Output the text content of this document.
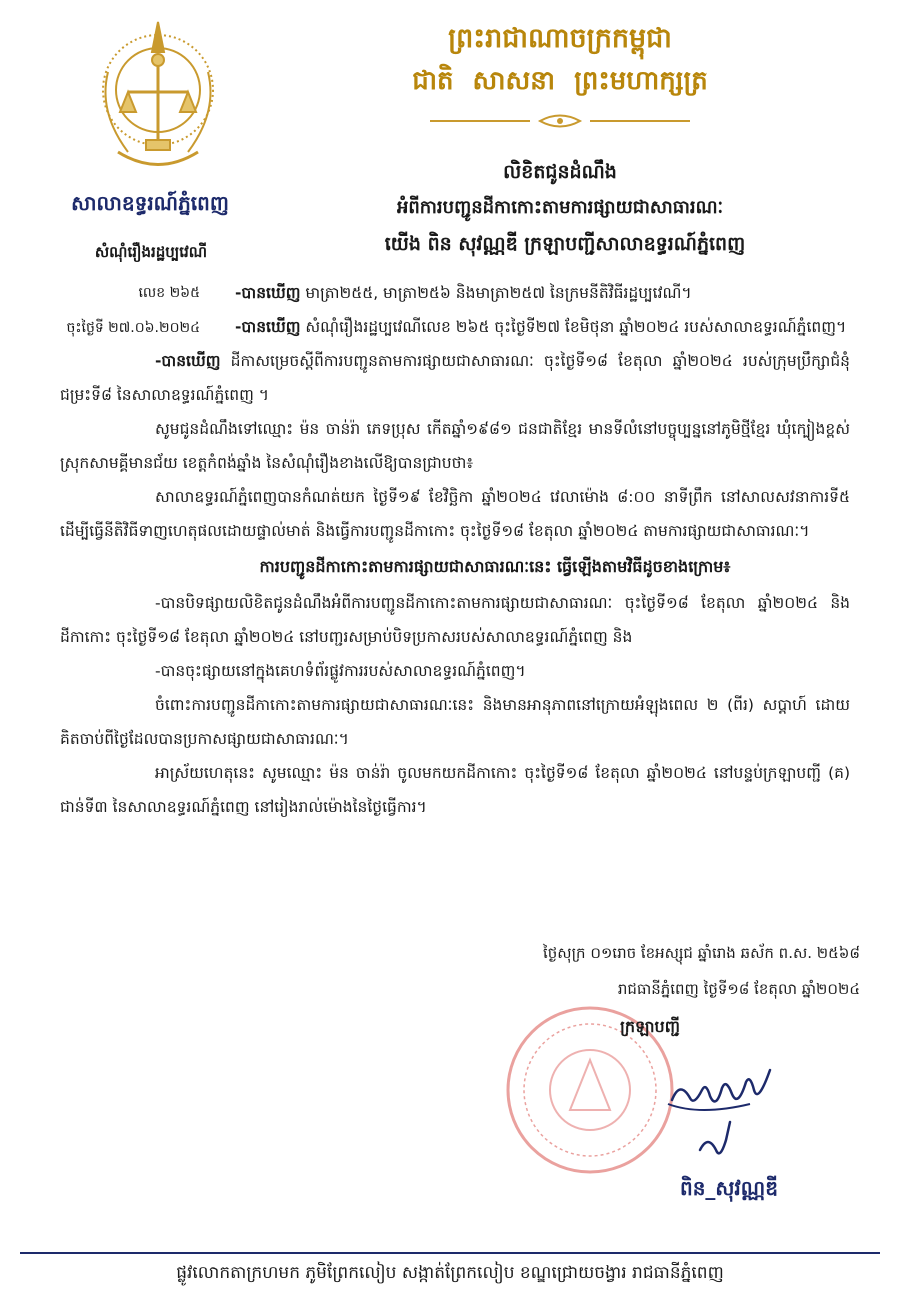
ព្រះរាជាណាចក្រកម្ពុជា
ជាតិ សាសនា ព្រះមហាក្សត្រ
សាលាឧទ្ធរណ៍ភ្នំពេញ
សំណុំរឿងរដ្ឋប្បវេណី
លេខ ២៦៥
ចុះថ្ងៃទី ២៧.០៦.២០២៤
លិខិតជូនដំណឹង
អំពីការបញ្ជូនដីកាកោះតាមការផ្សាយជាសាធារណៈ
យើង ពិន សុវណ្ណឌី ក្រឡាបញ្ជីសាលាឧទ្ធរណ៍ភ្នំពេញ

-បានឃើញ មាត្រា២៥៥, មាត្រា២៥៦ និងមាត្រា២៥៧ នៃក្រមនីតិវិធីរដ្ឋប្បវេណី។

-បានឃើញ សំណុំរឿងរដ្ឋប្បវេណីលេខ ២៦៥ ចុះថ្ងៃទី២៧ ខែមិថុនា ឆ្នាំ២០២៤ របស់សាលាឧទ្ធរណ៍ភ្នំពេញ។

-បានឃើញ ដីកាសម្រេចស្តីពីការបញ្ជូនតាមការផ្សាយជាសាធារណៈ ចុះថ្ងៃទី១៨ ខែតុលា ឆ្នាំ២០២៤ របស់ក្រុមប្រឹក្សាជំនុំជម្រះទី៨ នៃសាលាឧទ្ធរណ៍ភ្នំពេញ ។

សូមជូនដំណឹងទៅឈ្មោះ ម៉ន ចាន់រ៉ា ភេទប្រុស កើតឆ្នាំ១៩៨១ ជនជាតិខ្មែរ មានទីលំនៅបច្ចុប្បន្ននៅភូមិថ្មីខ្មែរ ឃុំក្បៀងខ្ពស់ ស្រុកសាមគ្គីមានជ័យ ខេត្តកំពង់ឆ្នាំង នៃសំណុំរឿងខាងលើឱ្យបានជ្រាបថា៖

សាលាឧទ្ធរណ៍ភ្នំពេញបានកំណត់យក ថ្ងៃទី១៩ ខែវិច្ឆិកា ឆ្នាំ២០២៤ វេលាម៉ោង ៨:០០ នាទីព្រឹក នៅសាលសវនាការទី៥ ដើម្បីធ្វើនីតិវិធីទាញហេតុផលដោយផ្ទាល់មាត់ និងធ្វើការបញ្ជូនដីកាកោះ ចុះថ្ងៃទី១៨ ខែតុលា ឆ្នាំ២០២៤ តាមការផ្សាយជាសាធារណៈ។

ការបញ្ជូនដីកាកោះតាមការផ្សាយជាសាធារណៈនេះ ធ្វើឡើងតាមវិធីដូចខាងក្រោម៖

-បានបិទផ្សាយលិខិតជូនដំណឹងអំពីការបញ្ជូនដីកាកោះតាមការផ្សាយជាសាធារណៈ ចុះថ្ងៃទី១៨ ខែតុលា ឆ្នាំ២០២៤ និងដីកាកោះ ចុះថ្ងៃទី១៨ ខែតុលា ឆ្នាំ២០២៤ នៅបញ្ជរសម្រាប់បិទប្រកាសរបស់សាលាឧទ្ធរណ៍ភ្នំពេញ និង

-បានចុះផ្សាយនៅក្នុងគេហទំព័រផ្លូវការរបស់សាលាឧទ្ធរណ៍ភ្នំពេញ។

ចំពោះការបញ្ជូនដីកាកោះតាមការផ្សាយជាសាធារណៈនេះ និងមានអានុភាពនៅក្រោយអំឡុងពេល ២ (ពីរ) សប្តាហ៍ ដោយគិតចាប់ពីថ្ងៃដែលបានប្រកាសផ្សាយជាសាធារណៈ។

អាស្រ័យហេតុនេះ សូមឈ្មោះ ម៉ន ចាន់រ៉ា ចូលមកយកដីកាកោះ ចុះថ្ងៃទី១៨ ខែតុលា ឆ្នាំ២០២៤ នៅបន្ទប់ក្រឡាបញ្ជី (គ) ជាន់ទី៣ នៃសាលាឧទ្ធរណ៍ភ្នំពេញ នៅរៀងរាល់ម៉ោងនៃថ្ងៃធ្វើការ។

ថ្ងៃសុក្រ ០១រោច ខែអស្សុជ ឆ្នាំរោង ឆស័ក ព.ស. ២៥៦៨
រាជធានីភ្នំពេញ ថ្ងៃទី១៨ ខែតុលា ឆ្នាំ២០២៤
ក្រឡាបញ្ជី
ពិន_សុវណ្ណឌី
ផ្លូវលោកតាក្រហមក ភូមិព្រែកលៀប សង្កាត់ព្រែកលៀប ខណ្ឌជ្រោយចង្វារ រាជធានីភ្នំពេញ
